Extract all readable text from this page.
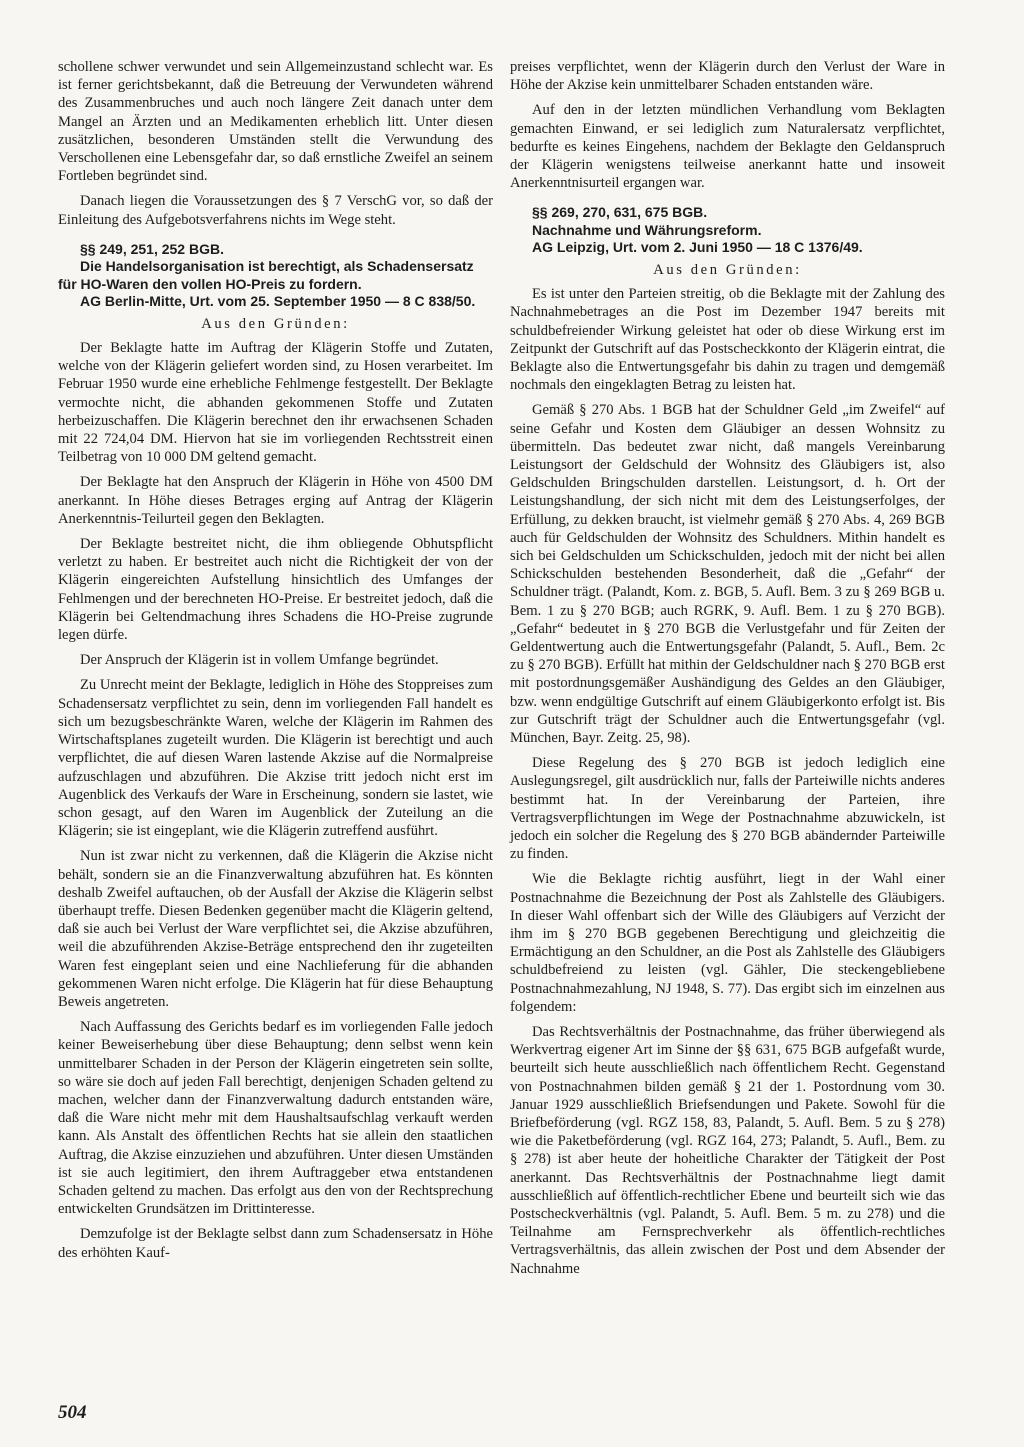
schollene schwer verwundet und sein Allgemeinzustand schlecht war. Es ist ferner gerichtsbekannt, daß die Betreuung der Verwundeten während des Zusammenbruches und auch noch längere Zeit danach unter dem Mangel an Ärzten und an Medikamenten erheblich litt. Unter diesen zusätzlichen, besonderen Umständen stellt die Verwundung des Verschollenen eine Lebensgefahr dar, so daß ernstliche Zweifel an seinem Fortleben begründet sind.

Danach liegen die Voraussetzungen des § 7 VerschG vor, so daß der Einleitung des Aufgebotsverfahrens nichts im Wege steht.

§§ 249, 251, 252 BGB.
Die Handelsorganisation ist berechtigt, als Schadensersatz für HO-Waren den vollen HO-Preis zu fordern.
AG Berlin-Mitte, Urt. vom 25. September 1950 — 8 C 838/50.
Aus den Gründen:

Der Beklagte hatte im Auftrag der Klägerin Stoffe und Zutaten, welche von der Klägerin geliefert worden sind, zu Hosen verarbeitet. Im Februar 1950 wurde eine erhebliche Fehlmenge festgestellt. Der Beklagte vermochte nicht, die abhanden gekommenen Stoffe und Zutaten herbeizuschaffen. Die Klägerin berechnet den ihr erwachsenen Schaden mit 22 724,04 DM. Hiervon hat sie im vorliegenden Rechtsstreit einen Teilbetrag von 10 000 DM geltend gemacht.

Der Beklagte hat den Anspruch der Klägerin in Höhe von 4500 DM anerkannt. In Höhe dieses Betrages erging auf Antrag der Klägerin Anerkenntnis-Teilurteil gegen den Beklagten.

Der Beklagte bestreitet nicht, die ihm obliegende Obhutspflicht verletzt zu haben. Er bestreitet auch nicht die Richtigkeit der von der Klägerin eingereichten Aufstellung hinsichtlich des Umfanges der Fehlmengen und der berechneten HO-Preise. Er bestreitet jedoch, daß die Klägerin bei Geltendmachung ihres Schadens die HO-Preise zugrunde legen dürfe.

Der Anspruch der Klägerin ist in vollem Umfange begründet.

Zu Unrecht meint der Beklagte, lediglich in Höhe des Stoppreises zum Schadensersatz verpflichtet zu sein, denn im vorliegenden Fall handelt es sich um bezugsbeschränkte Waren, welche der Klägerin im Rahmen des Wirtschaftsplanes zugeteilt wurden. Die Klägerin ist berechtigt und auch verpflichtet, die auf diesen Waren lastende Akzise auf die Normalpreise aufzuschlagen und abzuführen. Die Akzise tritt jedoch nicht erst im Augenblick des Verkaufs der Ware in Erscheinung, sondern sie lastet, wie schon gesagt, auf den Waren im Augenblick der Zuteilung an die Klägerin; sie ist eingeplant, wie die Klägerin zutreffend ausführt.

Nun ist zwar nicht zu verkennen, daß die Klägerin die Akzise nicht behält, sondern sie an die Finanzverwaltung abzuführen hat. Es könnten deshalb Zweifel auftauchen, ob der Ausfall der Akzise die Klägerin selbst überhaupt treffe. Diesen Bedenken gegenüber macht die Klägerin geltend, daß sie auch bei Verlust der Ware verpflichtet sei, die Akzise abzuführen, weil die abzuführenden Akzise-Beträge entsprechend den ihr zugeteilten Waren fest eingeplant seien und eine Nachlieferung für die abhanden gekommenen Waren nicht erfolge. Die Klägerin hat für diese Behauptung Beweis angetreten.

Nach Auffassung des Gerichts bedarf es im vorliegenden Falle jedoch keiner Beweiserhebung über diese Behauptung; denn selbst wenn kein unmittelbarer Schaden in der Person der Klägerin eingetreten sein sollte, so wäre sie doch auf jeden Fall berechtigt, denjenigen Schaden geltend zu machen, welcher dann der Finanzverwaltung dadurch entstanden wäre, daß die Ware nicht mehr mit dem Haushaltsaufschlag verkauft werden kann. Als Anstalt des öffentlichen Rechts hat sie allein den staatlichen Auftrag, die Akzise einzuziehen und abzuführen. Unter diesen Umständen ist sie auch legitimiert, den ihrem Auftraggeber etwa entstandenen Schaden geltend zu machen. Das erfolgt aus den von der Rechtsprechung entwickelten Grundsätzen im Drittinteresse.

Demzufolge ist der Beklagte selbst dann zum Schadensersatz in Höhe des erhöhten Kauf-

preises verpflichtet, wenn der Klägerin durch den Verlust der Ware in Höhe der Akzise kein unmittelbarer Schaden entstanden wäre.

Auf den in der letzten mündlichen Verhandlung vom Beklagten gemachten Einwand, er sei lediglich zum Naturalersatz verpflichtet, bedurfte es keines Eingehens, nachdem der Beklagte den Geldanspruch der Klägerin wenigstens teilweise anerkannt hatte und insoweit Anerkenntnisurteil ergangen war.

§§ 269, 270, 631, 675 BGB.
Nachnahme und Währungsreform.
AG Leipzig, Urt. vom 2. Juni 1950 — 18 C 1376/49.
Aus den Gründen:

Es ist unter den Parteien streitig, ob die Beklagte mit der Zahlung des Nachnahmebetrages an die Post im Dezember 1947 bereits mit schuldbefreiender Wirkung geleistet hat oder ob diese Wirkung erst im Zeitpunkt der Gutschrift auf das Postscheckkonto der Klägerin eintrat, die Beklagte also die Entwertungsgefahr bis dahin zu tragen und demgemäß nochmals den eingeklagten Betrag zu leisten hat.

Gemäß § 270 Abs. 1 BGB hat der Schuldner Geld „im Zweifel“ auf seine Gefahr und Kosten dem Gläubiger an dessen Wohnsitz zu übermitteln. Das bedeutet zwar nicht, daß mangels Vereinbarung Leistungsort der Geldschuld der Wohnsitz des Gläubigers ist, also Geldschulden Bringschulden darstellen. Leistungsort, d. h. Ort der Leistungshandlung, der sich nicht mit dem des Leistungserfolges, der Erfüllung, zu dekken braucht, ist vielmehr gemäß § 270 Abs. 4, 269 BGB auch für Geldschulden der Wohnsitz des Schuldners. Mithin handelt es sich bei Geldschulden um Schickschulden, jedoch mit der nicht bei allen Schickschulden bestehenden Besonderheit, daß die „Gefahr“ der Schuldner trägt. (Palandt, Kom. z. BGB, 5. Aufl. Bem. 3 zu § 269 BGB u. Bem. 1 zu § 270 BGB; auch RGRK, 9. Aufl. Bem. 1 zu § 270 BGB). „Gefahr“ bedeutet in § 270 BGB die Verlustgefahr und für Zeiten der Geldentwertung auch die Entwertungsgefahr (Palandt, 5. Aufl., Bem. 2c zu § 270 BGB). Erfüllt hat mithin der Geldschuldner nach § 270 BGB erst mit postordnungsgemäßer Aushändigung des Geldes an den Gläubiger, bzw. wenn endgültige Gutschrift auf einem Gläubigerkonto erfolgt ist. Bis zur Gutschrift trägt der Schuldner auch die Entwertungsgefahr (vgl. München, Bayr. Zeitg. 25, 98).

Diese Regelung des § 270 BGB ist jedoch lediglich eine Auslegungsregel, gilt ausdrücklich nur, falls der Parteiwille nichts anderes bestimmt hat. In der Vereinbarung der Parteien, ihre Vertragsverpflichtungen im Wege der Postnachnahme abzuwickeln, ist jedoch ein solcher die Regelung des § 270 BGB abändernder Parteiwille zu finden.

Wie die Beklagte richtig ausführt, liegt in der Wahl einer Postnachnahme die Bezeichnung der Post als Zahlstelle des Gläubigers. In dieser Wahl offenbart sich der Wille des Gläubigers auf Verzicht der ihm im § 270 BGB gegebenen Berechtigung und gleichzeitig die Ermächtigung an den Schuldner, an die Post als Zahlstelle des Gläubigers schuldbefreiend zu leisten (vgl. Gähler, Die steckengebliebene Postnachnahmezahlung, NJ 1948, S. 77). Das ergibt sich im einzelnen aus folgendem:

Das Rechtsverhältnis der Postnachnahme, das früher überwiegend als Werkvertrag eigener Art im Sinne der §§ 631, 675 BGB aufgefaßt wurde, beurteilt sich heute ausschließlich nach öffentlichem Recht. Gegenstand von Postnachnahmen bilden gemäß § 21 der 1. Postordnung vom 30. Januar 1929 ausschließlich Briefsendungen und Pakete. Sowohl für die Briefbeförderung (vgl. RGZ 158, 83, Palandt, 5. Aufl. Bem. 5 zu § 278) wie die Paketbeförderung (vgl. RGZ 164, 273; Palandt, 5. Aufl., Bem. zu § 278) ist aber heute der hoheitliche Charakter der Tätigkeit der Post anerkannt. Das Rechtsverhältnis der Postnachnahme liegt damit ausschließlich auf öffentlich-rechtlicher Ebene und beurteilt sich wie das Postscheckverhältnis (vgl. Palandt, 5. Aufl. Bem. 5 m. zu 278) und die Teilnahme am Fernsprechverkehr als öffentlich-rechtliches Vertragsverhältnis, das allein zwischen der Post und dem Absender der Nachnahme

504
